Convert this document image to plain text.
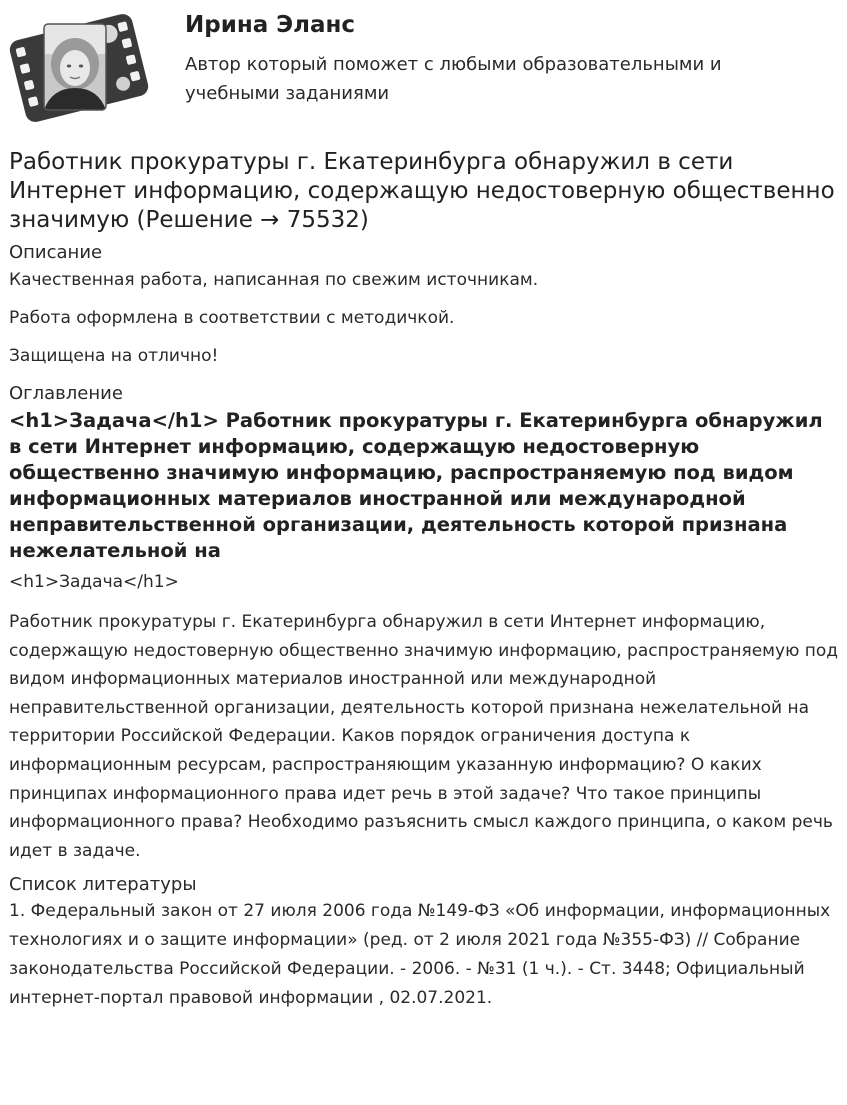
Ирина Эланс

Автор который поможет с любыми образовательными и учебными заданиями

Работник прокуратуры г. Екатеринбурга обнаружил в сети Интернет информацию, содержащую недостоверную общественно значимую (Решение → 75532)

Описание

Качественная работа, написанная по свежим источникам.

Работа оформлена в соответствии с методичкой.

Защищена на отлично!

Оглавление

<h1>Задача</h1> Работник прокуратуры г. Екатеринбурга обнаружил в сети Интернет информацию, содержащую недостоверную общественно значимую информацию, распространяемую под видом информационных материалов иностранной или международной неправительственной организации, деятельность которой признана нежелательной на

<h1>Задача</h1>

Работник прокуратуры г. Екатеринбурга обнаружил в сети Интернет информацию, содержащую недостоверную общественно значимую информацию, распространяемую под видом информационных материалов иностранной или международной неправительственной организации, деятельность которой признана нежелательной на территории Российской Федерации. Каков порядок ограничения доступа к информационным ресурсам, распространяющим указанную информацию? О каких принципах информационного права идет речь в этой задаче? Что такое принципы информационного права? Необходимо разъяснить смысл каждого принципа, о каком речь идет в задаче.

Список литературы

1. Федеральный закон от 27 июля 2006 года №149-ФЗ «Об информации, информационных технологиях и о защите информации» (ред. от 2 июля 2021 года №355-ФЗ) // Собрание законодательства Российской Федерации. - 2006. - №31 (1 ч.). - Ст. 3448; Официальный интернет-портал правовой информации , 02.07.2021.
